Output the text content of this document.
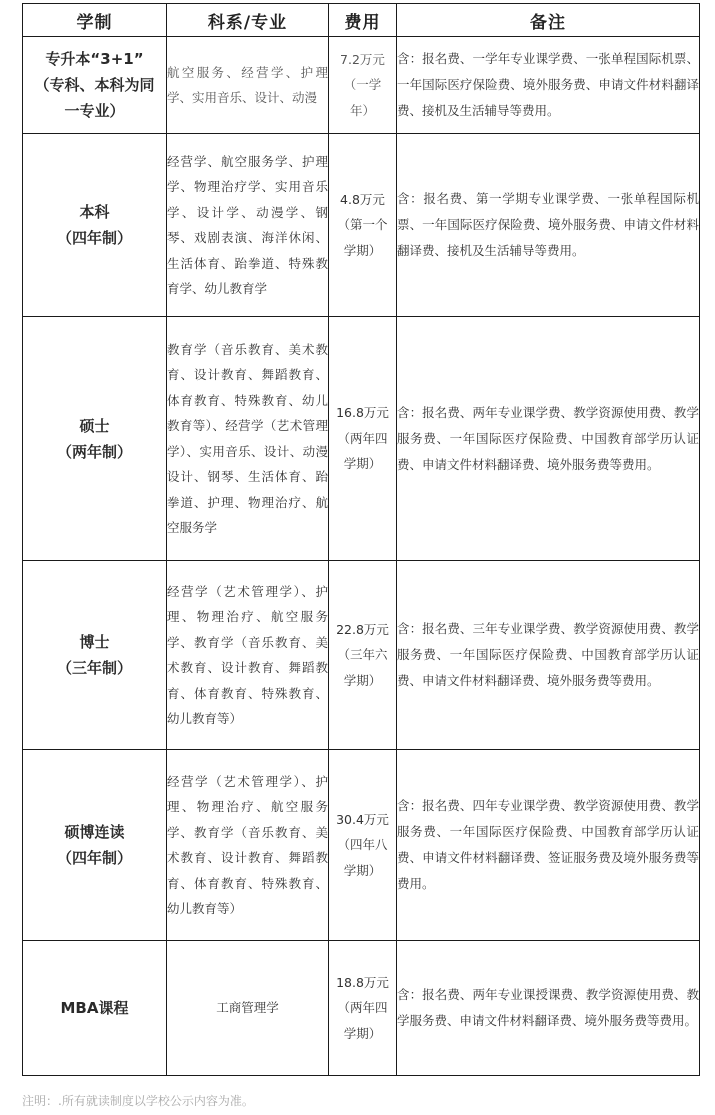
学制	科系/专业	费用	备注

专升本“3+1”
（专科、本科为同
一专业）	航空服务、经营学、护理学、实用音乐、设计、动漫	7.2万元
（一学
年）	含：报名费、一学年专业课学费、一张单程国际机票、一年国际医疗保险费、境外服务费、申请文件材料翻译费、接机及生活辅导等费用。

本科
（四年制）	经营学、航空服务学、护理学、物理治疗学、实用音乐学、设计学、动漫学、钢琴、戏剧表演、海洋休闲、生活体育、跆拳道、特殊教育学、幼儿教育学	4.8万元
（第一个
学期）	含：报名费、第一学期专业课学费、一张单程国际机票、一年国际医疗保险费、境外服务费、申请文件材料翻译费、接机及生活辅导等费用。

硕士
（两年制）	教育学（音乐教育、美术教育、设计教育、舞蹈教育、体育教育、特殊教育、幼儿教育等）、经营学（艺术管理学）、实用音乐、设计、动漫设计、钢琴、生活体育、跆拳道、护理、物理治疗、航空服务学	16.8万元
（两年四
学期）	含：报名费、两年专业课学费、教学资源使用费、教学服务费、一年国际医疗保险费、中国教育部学历认证费、申请文件材料翻译费、境外服务费等费用。

博士
（三年制）	经营学（艺术管理学）、护理、物理治疗、航空服务学、教育学（音乐教育、美术教育、设计教育、舞蹈教育、体育教育、特殊教育、幼儿教育等）	22.8万元
（三年六
学期）	含：报名费、三年专业课学费、教学资源使用费、教学服务费、一年国际医疗保险费、中国教育部学历认证费、申请文件材料翻译费、境外服务费等费用。

硕博连读
（四年制）	经营学（艺术管理学）、护理、物理治疗、航空服务学、教育学（音乐教育、美术教育、设计教育、舞蹈教育、体育教育、特殊教育、幼儿教育等）	30.4万元
（四年八
学期）	含：报名费、四年专业课学费、教学资源使用费、教学服务费、一年国际医疗保险费、中国教育部学历认证费、申请文件材料翻译费、签证服务费及境外服务费等费用。

MBA课程	工商管理学	18.8万元
（两年四
学期）	含：报名费、两年专业课授课费、教学资源使用费、教学服务费、申请文件材料翻译费、境外服务费等费用。
注明：.所有就读制度以学校公示内容为准。
